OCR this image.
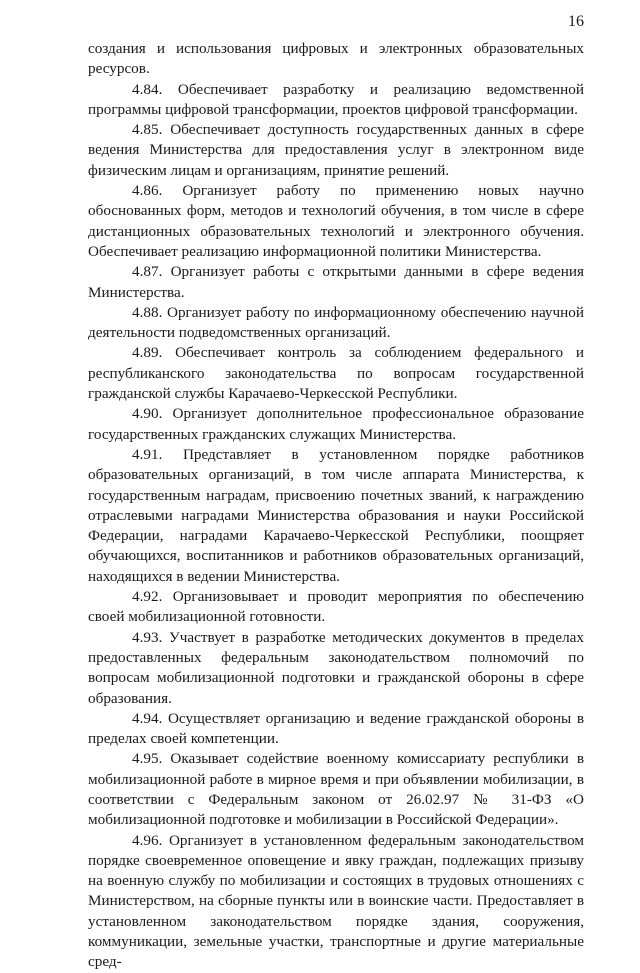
16

создания и использования цифровых и электронных образовательных ресурсов.

4.84. Обеспечивает разработку и реализацию ведомственной программы цифровой трансформации, проектов цифровой трансформации.

4.85. Обеспечивает доступность государственных данных в сфере ведения Министерства для предоставления услуг в электронном виде физическим лицам и организациям, принятие решений.

4.86. Организует работу по применению новых научно обоснованных форм, методов и технологий обучения, в том числе в сфере дистанционных образовательных технологий и электронного обучения. Обеспечивает реализацию информационной политики Министерства.

4.87. Организует работы с открытыми данными в сфере ведения Министерства.

4.88. Организует работу по информационному обеспечению научной деятельности подведомственных организаций.

4.89. Обеспечивает контроль за соблюдением федерального и республиканского законодательства по вопросам государственной гражданской службы Карачаево-Черкесской Республики.

4.90. Организует дополнительное профессиональное образование государственных гражданских служащих Министерства.

4.91. Представляет в установленном порядке работников образовательных организаций, в том числе аппарата Министерства, к государственным наградам, присвоению почетных званий, к награждению отраслевыми наградами Министерства образования и науки Российской Федерации, наградами Карачаево-Черкесской Республики, поощряет обучающихся, воспитанников и работников образовательных организаций, находящихся в ведении Министерства.

4.92. Организовывает и проводит мероприятия по обеспечению своей мобилизационной готовности.

4.93. Участвует в разработке методических документов в пределах предоставленных федеральным законодательством полномочий по вопросам мобилизационной подготовки и гражданской обороны в сфере образования.

4.94. Осуществляет организацию и ведение гражданской обороны в пределах своей компетенции.

4.95. Оказывает содействие военному комиссариату республики в мобилизационной работе в мирное время и при объявлении мобилизации, в соответствии с Федеральным законом от 26.02.97 № 31-ФЗ «О мобилизационной подготовке и мобилизации в Российской Федерации».

4.96. Организует в установленном федеральным законодательством порядке своевременное оповещение и явку граждан, подлежащих призыву на военную службу по мобилизации и состоящих в трудовых отношениях с Министерством, на сборные пункты или в воинские части. Предоставляет в установленном законодательством порядке здания, сооружения, коммуникации, земельные участки, транспортные и другие материальные сред-
